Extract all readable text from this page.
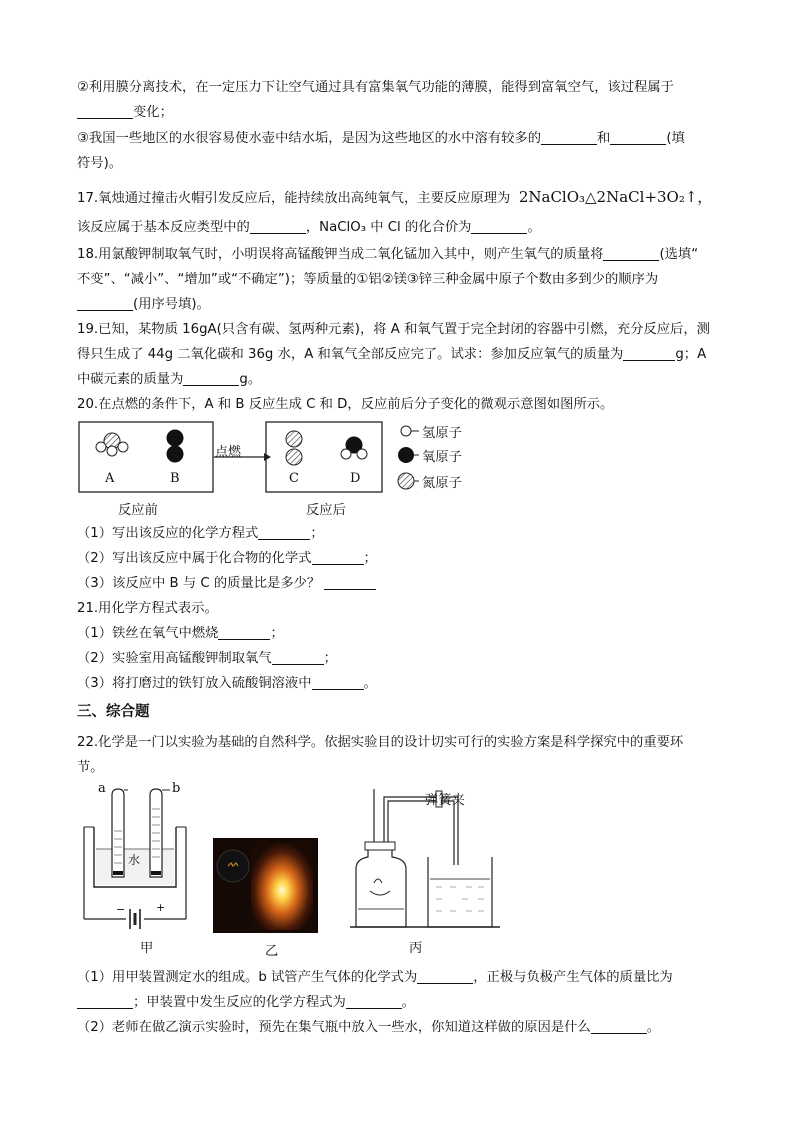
②利用膜分离技术，在一定压力下让空气通过具有富集氧气功能的薄膜，能得到富氧空气，该过程属于
变化；
③我国一些地区的水很容易使水壶中结水垢，是因为这些地区的水中溶有较多的	和	(填
符号)。
17.氧烛通过撞击火帽引发反应后，能持续放出高纯氧气，主要反应原理为 2NaClO₃△2NaCl+3O₂↑，
该反应属于基本反应类型中的	，NaClO₃ 中 Cl 的化合价为	。
18.用氯酸钾制取氧气时，小明误将高锰酸钾当成二氧化锰加入其中，则产生氧气的质量将	(选填“
不变”、“减小”、“增加”或“不确定”)；等质量的①铝②镁③锌三种金属中原子个数由多到少的顺序为
(用序号填)。
19.已知，某物质 16gA(只含有碳、氢两种元素)，将 A 和氧气置于完全封闭的容器中引燃，充分反应后，测
得只生成了 44g 二氧化碳和 36g 水，A 和氧气全部反应完了。试求：参加反应氧气的质量为	g；A
中碳元素的质量为	g。
20.在点燃的条件下，A 和 B 反应生成 C 和 D，反应前后分子变化的微观示意图如图所示。
A	B
点燃
C	D
氢原子
氧原子
氮原子
反应前	反应后
（1）写出该反应的化学方程式	；
（2）写出该反应中属于化合物的化学式	；
（3）该反应中 B 与 C 的质量比是多少？
21.用化学方程式表示。
（1）铁丝在氧气中燃烧	；
（2）实验室用高锰酸钾制取氧气	；
（3）将打磨过的铁钉放入硫酸铜溶液中	。
三、综合题
22.化学是一门以实验为基础的自然科学。依据实验目的设计切实可行的实验方案是科学探究中的重要环
节。
a	b
水
−	+
甲	乙
弹簧夹
丙
（1）用甲装置测定水的组成。b 试管产生气体的化学式为	，正极与负极产生气体的质量比为
；甲装置中发生反应的化学方程式为	。
（2）老师在做乙演示实验时，预先在集气瓶中放入一些水，你知道这样做的原因是什么	。
